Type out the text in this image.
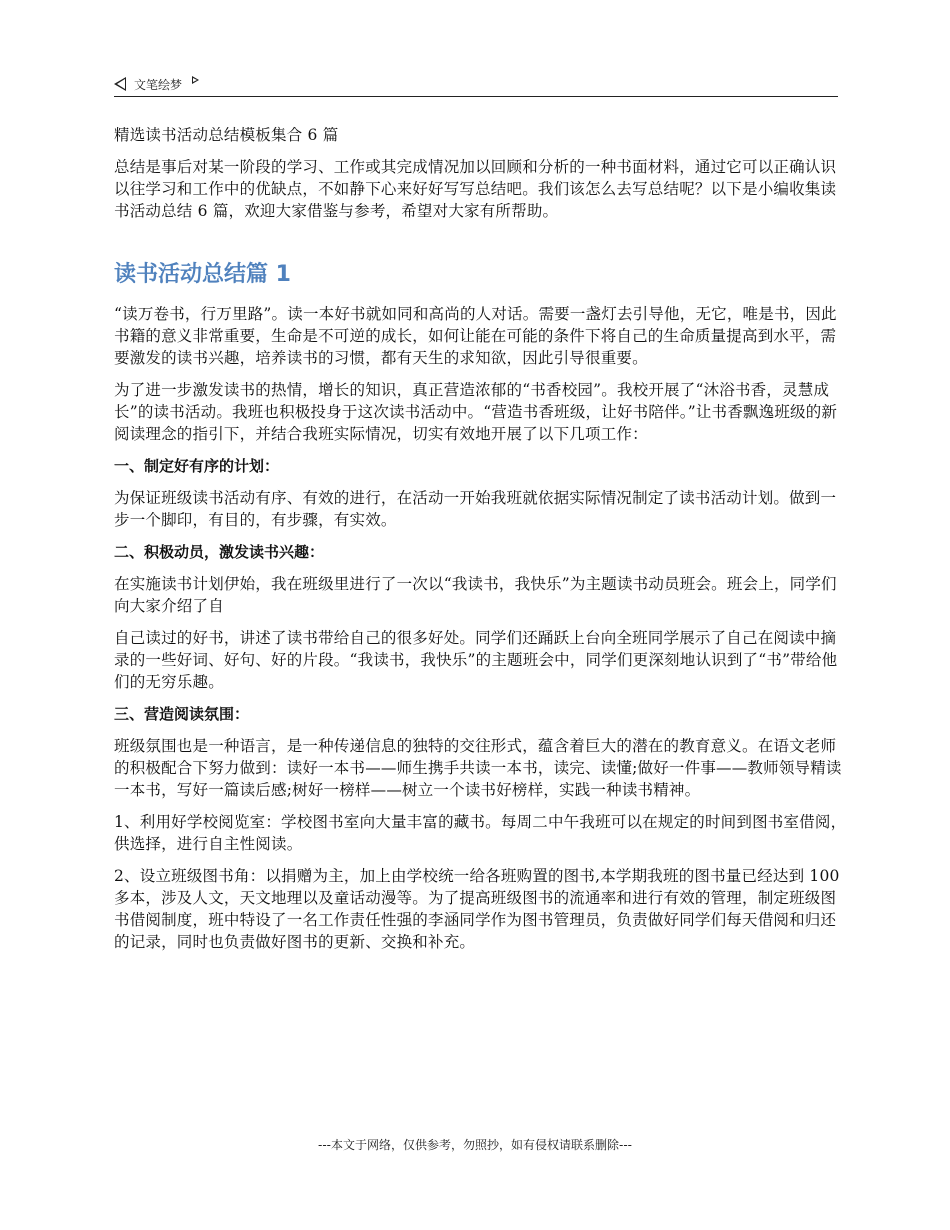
文笔绘梦

精选读书活动总结模板集合 6 篇

总结是事后对某一阶段的学习、工作或其完成情况加以回顾和分析的一种书面材料，通过它可以正确认识以往学习和工作中的优缺点，不如静下心来好好写写总结吧。我们该怎么去写总结呢？以下是小编收集读书活动总结 6 篇，欢迎大家借鉴与参考，希望对大家有所帮助。

读书活动总结篇 1

“读万卷书，行万里路”。读一本好书就如同和高尚的人对话。需要一盏灯去引导他，无它，唯是书，因此书籍的意义非常重要，生命是不可逆的成长，如何让能在可能的条件下将自己的生命质量提高到水平，需要激发的读书兴趣，培养读书的习惯，都有天生的求知欲，因此引导很重要。

为了进一步激发读书的热情，增长的知识，真正营造浓郁的“书香校园”。我校开展了“沐浴书香，灵慧成长”的读书活动。我班也积极投身于这次读书活动中。“营造书香班级，让好书陪伴。”让书香飘逸班级的新阅读理念的指引下，并结合我班实际情况，切实有效地开展了以下几项工作：

一、制定好有序的计划：

为保证班级读书活动有序、有效的进行，在活动一开始我班就依据实际情况制定了读书活动计划。做到一步一个脚印，有目的，有步骤，有实效。

二、积极动员，激发读书兴趣：

在实施读书计划伊始，我在班级里进行了一次以“我读书，我快乐”为主题读书动员班会。班会上，同学们向大家介绍了自

自己读过的好书，讲述了读书带给自己的很多好处。同学们还踊跃上台向全班同学展示了自己在阅读中摘录的一些好词、好句、好的片段。“我读书，我快乐”的主题班会中，同学们更深刻地认识到了“书”带给他们的无穷乐趣。

三、营造阅读氛围：

班级氛围也是一种语言，是一种传递信息的独特的交往形式，蕴含着巨大的潜在的教育意义。在语文老师的积极配合下努力做到：读好一本书——师生携手共读一本书，读完、读懂;做好一件事——教师领导精读一本书，写好一篇读后感;树好一榜样——树立一个读书好榜样，实践一种读书精神。

1、利用好学校阅览室：学校图书室向大量丰富的藏书。每周二中午我班可以在规定的时间到图书室借阅，供选择，进行自主性阅读。

2、设立班级图书角：以捐赠为主，加上由学校统一给各班购置的图书,本学期我班的图书量已经达到 100 多本，涉及人文，天文地理以及童话动漫等。为了提高班级图书的流通率和进行有效的管理，制定班级图书借阅制度，班中特设了一名工作责任性强的李涵同学作为图书管理员，负责做好同学们每天借阅和归还的记录，同时也负责做好图书的更新、交换和补充。

---本文于网络，仅供参考，勿照抄，如有侵权请联系删除---
